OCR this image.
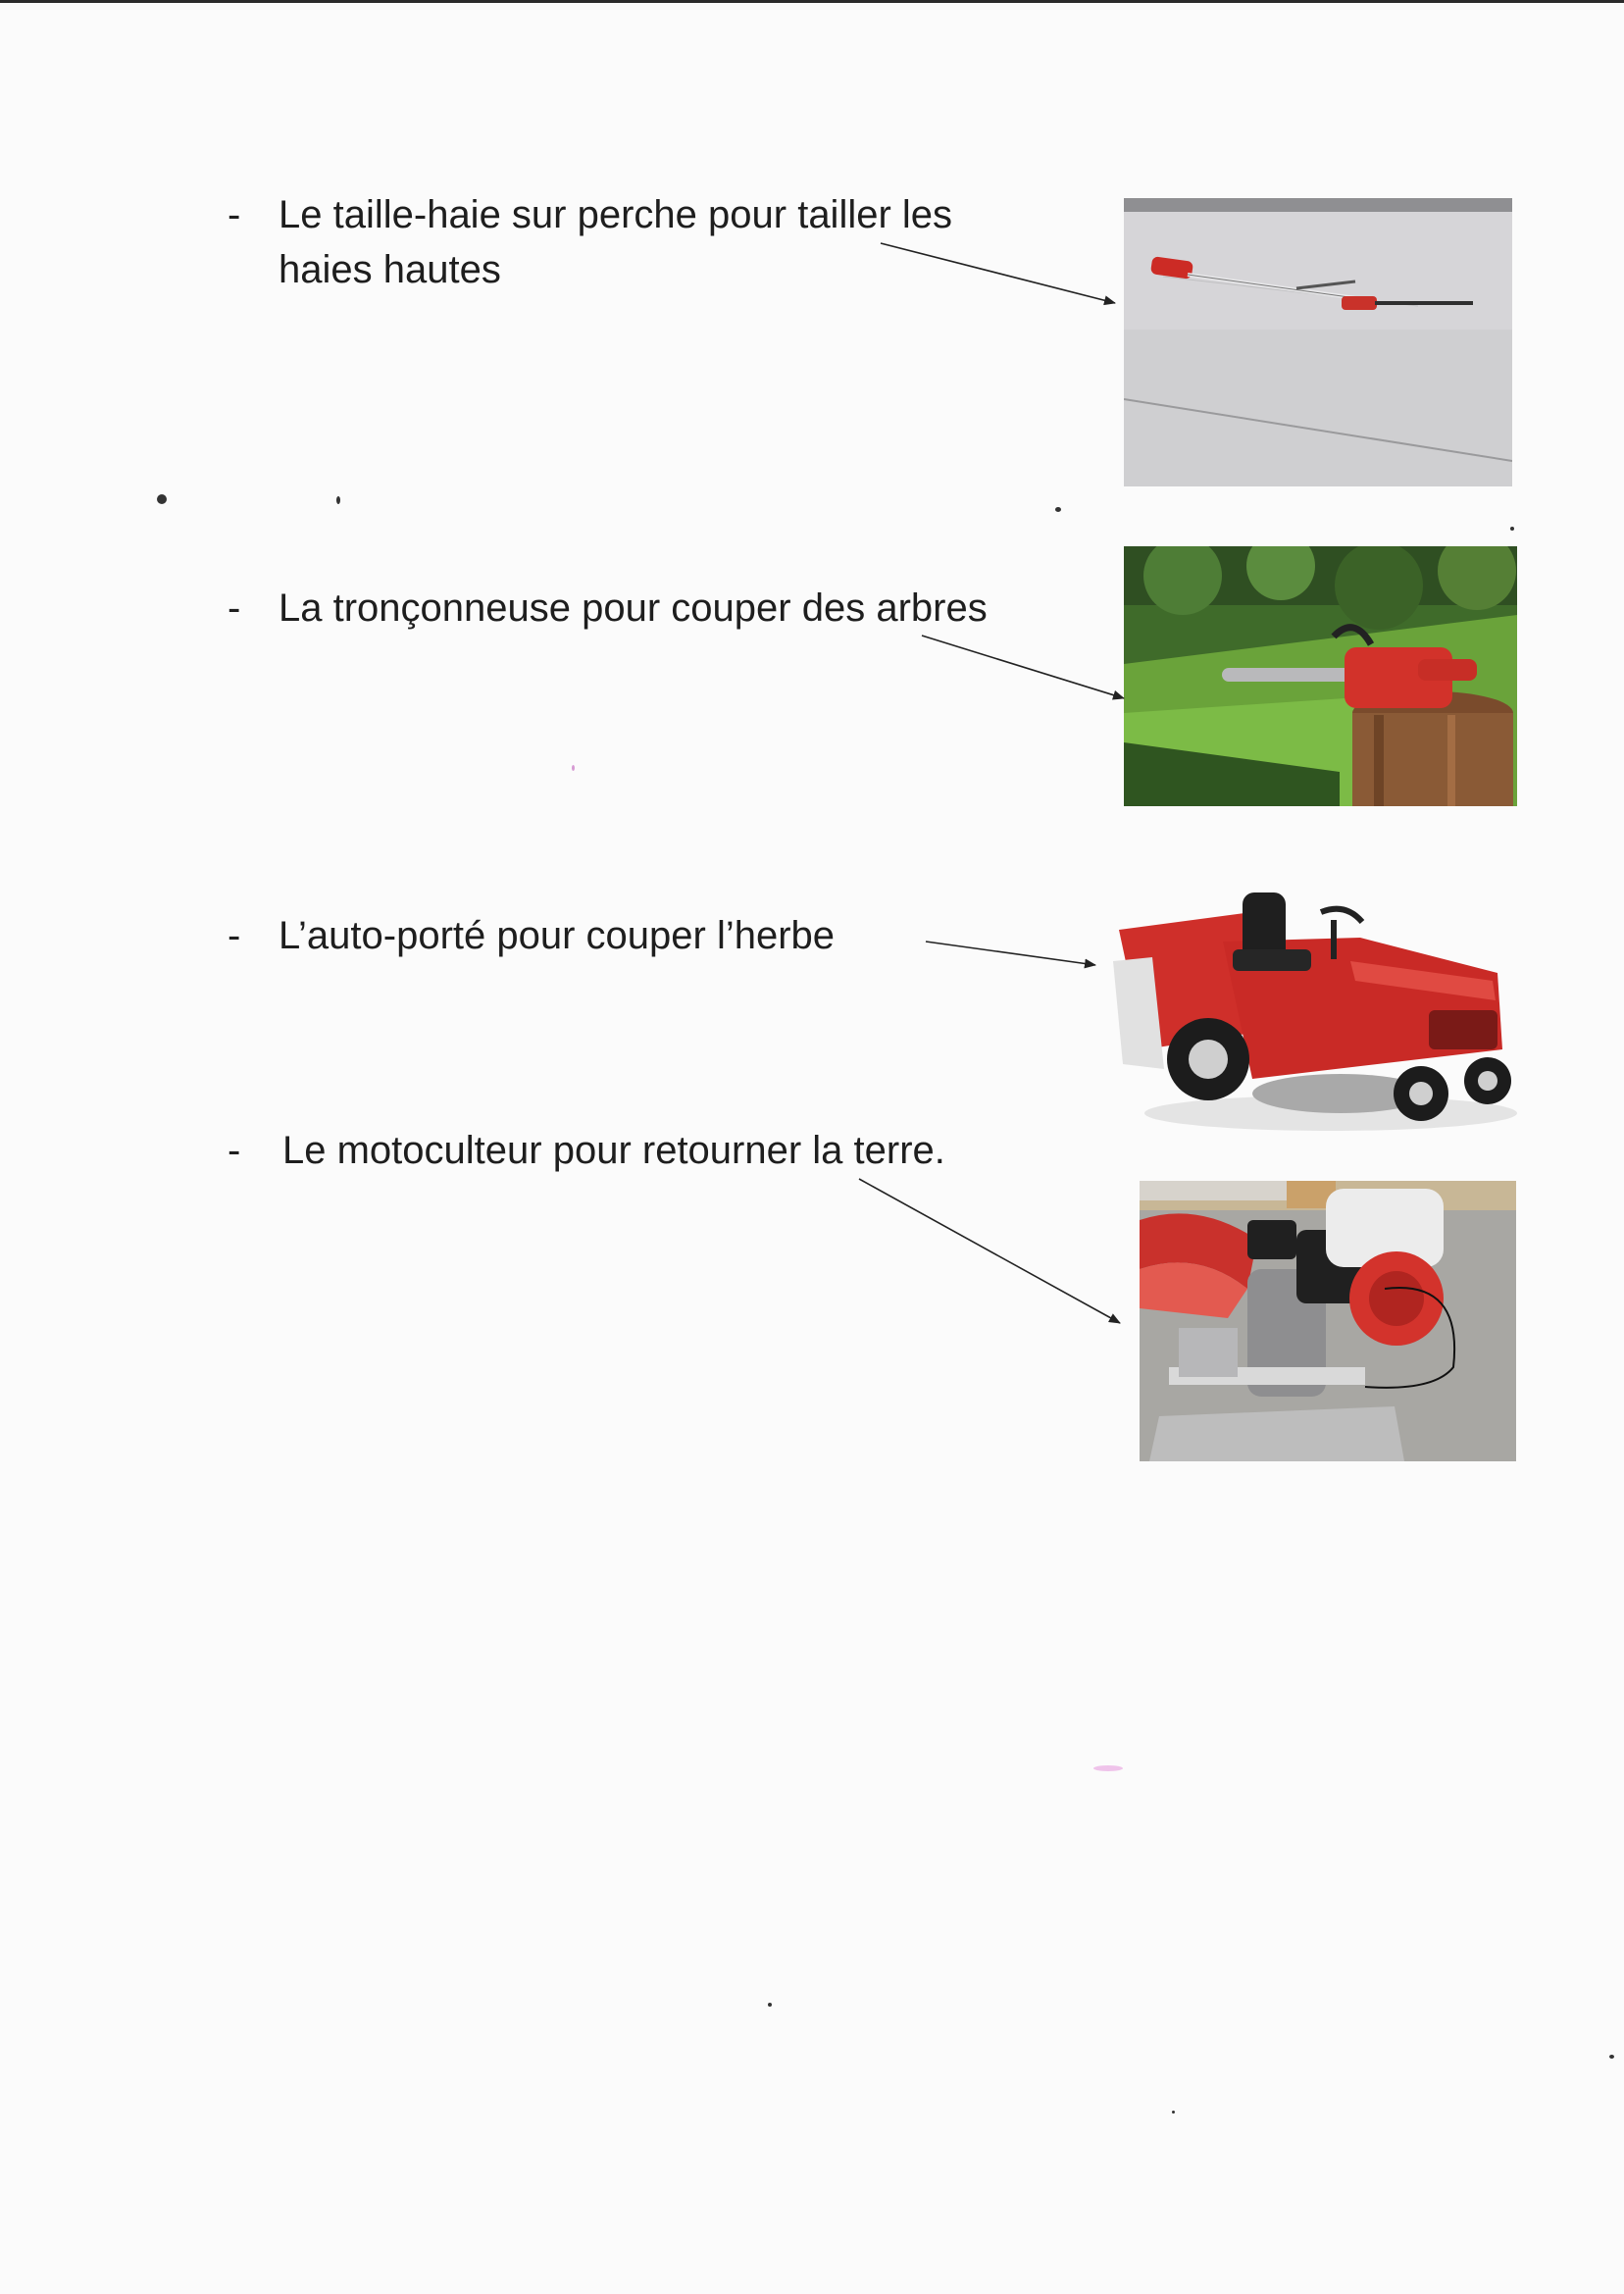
- Le taille-haie sur perche pour tailler les
haies hautes
- La tronçonneuse pour couper des arbres
- L’auto-porté pour couper l’herbe
- Le motoculteur pour retourner la terre.
